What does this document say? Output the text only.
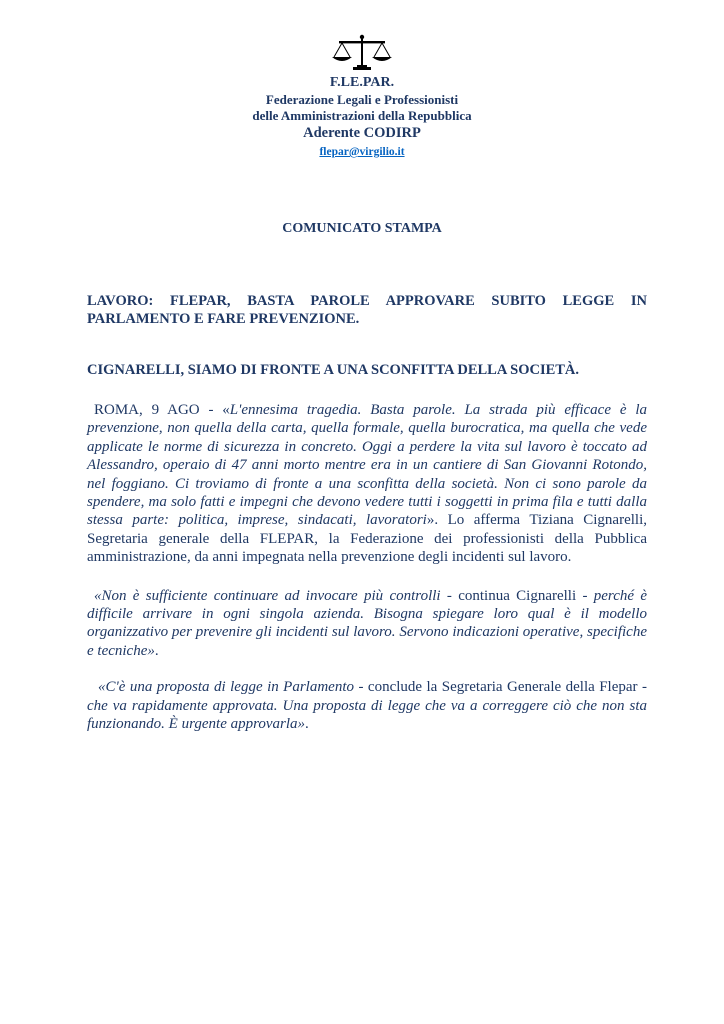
F.LE.PAR.
Federazione Legali e Professionisti
delle Amministrazioni della Repubblica
Aderente CODIRP
flepar@virgilio.it
COMUNICATO STAMPA

LAVORO: FLEPAR, BASTA PAROLE APPROVARE SUBITO LEGGE IN PARLAMENTO E FARE PREVENZIONE.

CIGNARELLI, SIAMO DI FRONTE A UNA SCONFITTA DELLA SOCIETÀ.

ROMA, 9 AGO - «L'ennesima tragedia. Basta parole. La strada più efficace è la prevenzione, non quella della carta, quella formale, quella burocratica, ma quella che vede applicate le norme di sicurezza in concreto. Oggi a perdere la vita sul lavoro è toccato ad Alessandro, operaio di 47 anni morto mentre era in un cantiere di San Giovanni Rotondo, nel foggiano. Ci troviamo di fronte a una sconfitta della società. Non ci sono parole da spendere, ma solo fatti e impegni che devono vedere tutti i soggetti in prima fila e tutti dalla stessa parte: politica, imprese, sindacati, lavoratori». Lo afferma Tiziana Cignarelli, Segretaria generale della FLEPAR, la Federazione dei professionisti della Pubblica amministrazione, da anni impegnata nella prevenzione degli incidenti sul lavoro.

«Non è sufficiente continuare ad invocare più controlli - continua Cignarelli - perché è difficile arrivare in ogni singola azienda. Bisogna spiegare loro qual è il modello organizzativo per prevenire gli incidenti sul lavoro. Servono indicazioni operative, specifiche e tecniche».

«C'è una proposta di legge in Parlamento - conclude la Segretaria Generale della Flepar - che va rapidamente approvata. Una proposta di legge che va a correggere ciò che non sta funzionando. È urgente approvarla».
